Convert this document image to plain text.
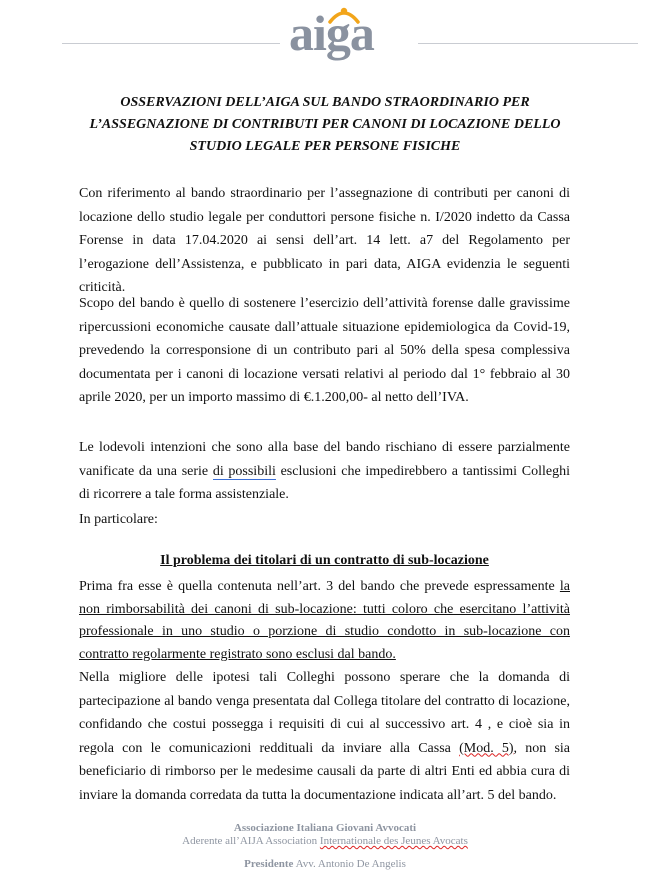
aiga
OSSERVAZIONI DELL’AIGA SUL BANDO STRAORDINARIO PER
L’ASSEGNAZIONE DI CONTRIBUTI PER CANONI DI LOCAZIONE DELLO
STUDIO LEGALE PER PERSONE FISICHE

Con riferimento al bando straordinario per l’assegnazione di contributi per canoni di locazione dello studio legale per conduttori persone fisiche n. I/2020 indetto da Cassa Forense in data 17.04.2020 ai sensi dell’art. 14 lett. a7 del Regolamento per l’erogazione dell’Assistenza, e pubblicato in pari data, AIGA evidenzia le seguenti criticità.

Scopo del bando è quello di sostenere l’esercizio dell’attività forense dalle gravissime ripercussioni economiche causate dall’attuale situazione epidemiologica da Covid-19, prevedendo la corresponsione di un contributo pari al 50% della spesa complessiva documentata per i canoni di locazione versati relativi al periodo dal 1° febbraio al 30 aprile 2020, per un importo massimo di €.1.200,00- al netto dell’IVA.

Le lodevoli intenzioni che sono alla base del bando rischiano di essere parzialmente vanificate da una serie di possibili esclusioni che impedirebbero a tantissimi Colleghi di ricorrere a tale forma assistenziale.

In particolare:

Il problema dei titolari di un contratto di sub-locazione

Prima fra esse è quella contenuta nell’art. 3 del bando che prevede espressamente la non rimborsabilità dei canoni di sub-locazione: tutti coloro che esercitano l’attività professionale in uno studio o porzione di studio condotto in sub-locazione con contratto regolarmente registrato sono esclusi dal bando.

Nella migliore delle ipotesi tali Colleghi possono sperare che la domanda di partecipazione al bando venga presentata dal Collega titolare del contratto di locazione, confidando che costui possegga i requisiti di cui al successivo art. 4 , e cioè sia in regola con le comunicazioni reddituali da inviare alla Cassa (Mod. 5), non sia beneficiario di rimborso per le medesime causali da parte di altri Enti ed abbia cura di inviare la domanda corredata da tutta la documentazione indicata all’art. 5 del bando.

Associazione Italiana Giovani Avvocati

Aderente all’AIJA Association Internationale des Jeunes Avocats

Presidente Avv. Antonio De Angelis
